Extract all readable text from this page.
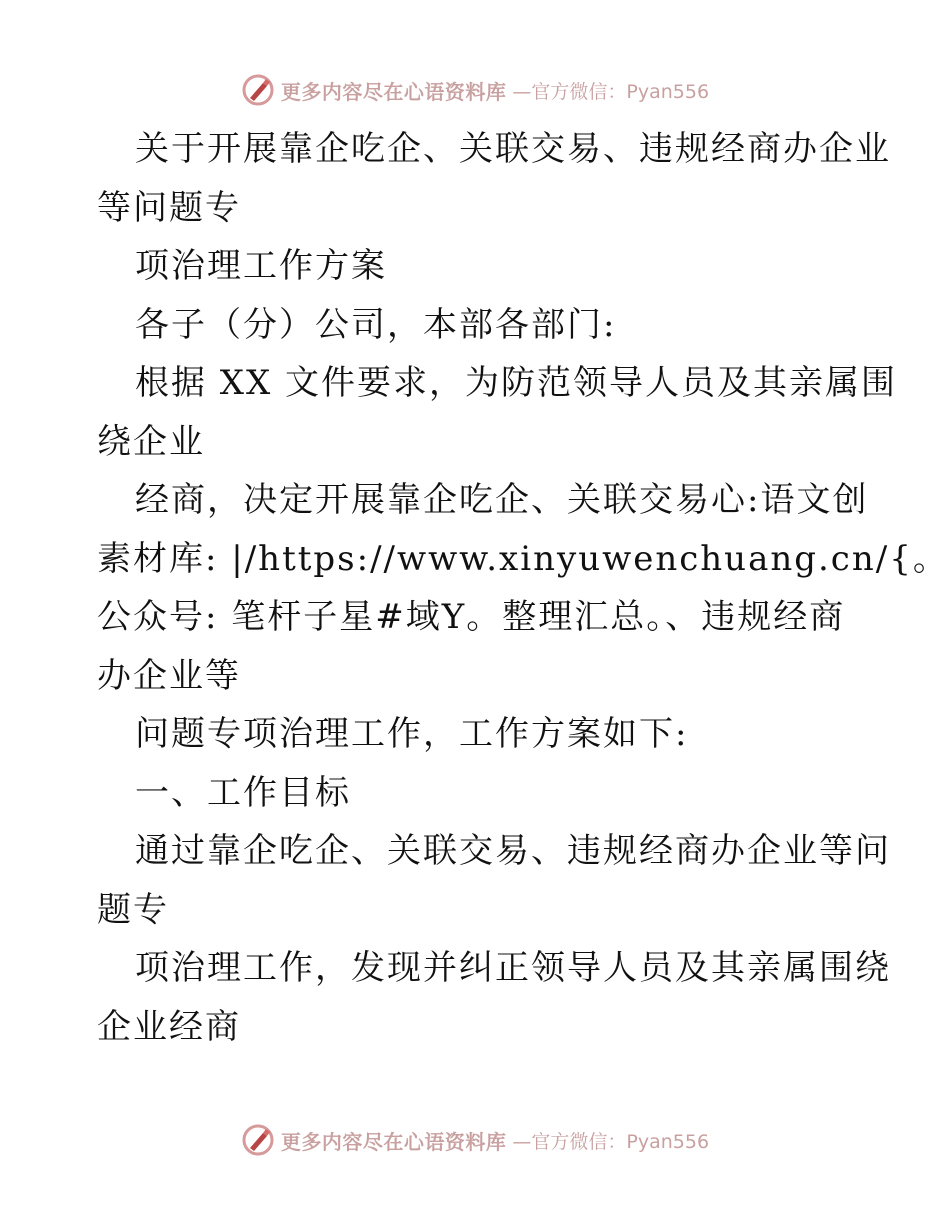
更多内容尽在心语资料库 —官方微信：Pyan556

关于开展靠企吃企、关联交易、违规经商办企业

等问题专

项治理工作方案

各子（分）公司，本部各部门:

根据 XX 文件要求，为防范领导人员及其亲属围

绕企业

经商，决定开展靠企吃企、关联交易心:语文创

素材库: |/https://www.xinyuwenchuang.cn/{。

公众号: 笔杆子星#域Y。整理汇总。、违规经商

办企业等

问题专项治理工作，工作方案如下:

一、工作目标

通过靠企吃企、关联交易、违规经商办企业等问

题专

项治理工作，发现并纠正领导人员及其亲属围绕

企业经商

更多内容尽在心语资料库 —官方微信：Pyan556
